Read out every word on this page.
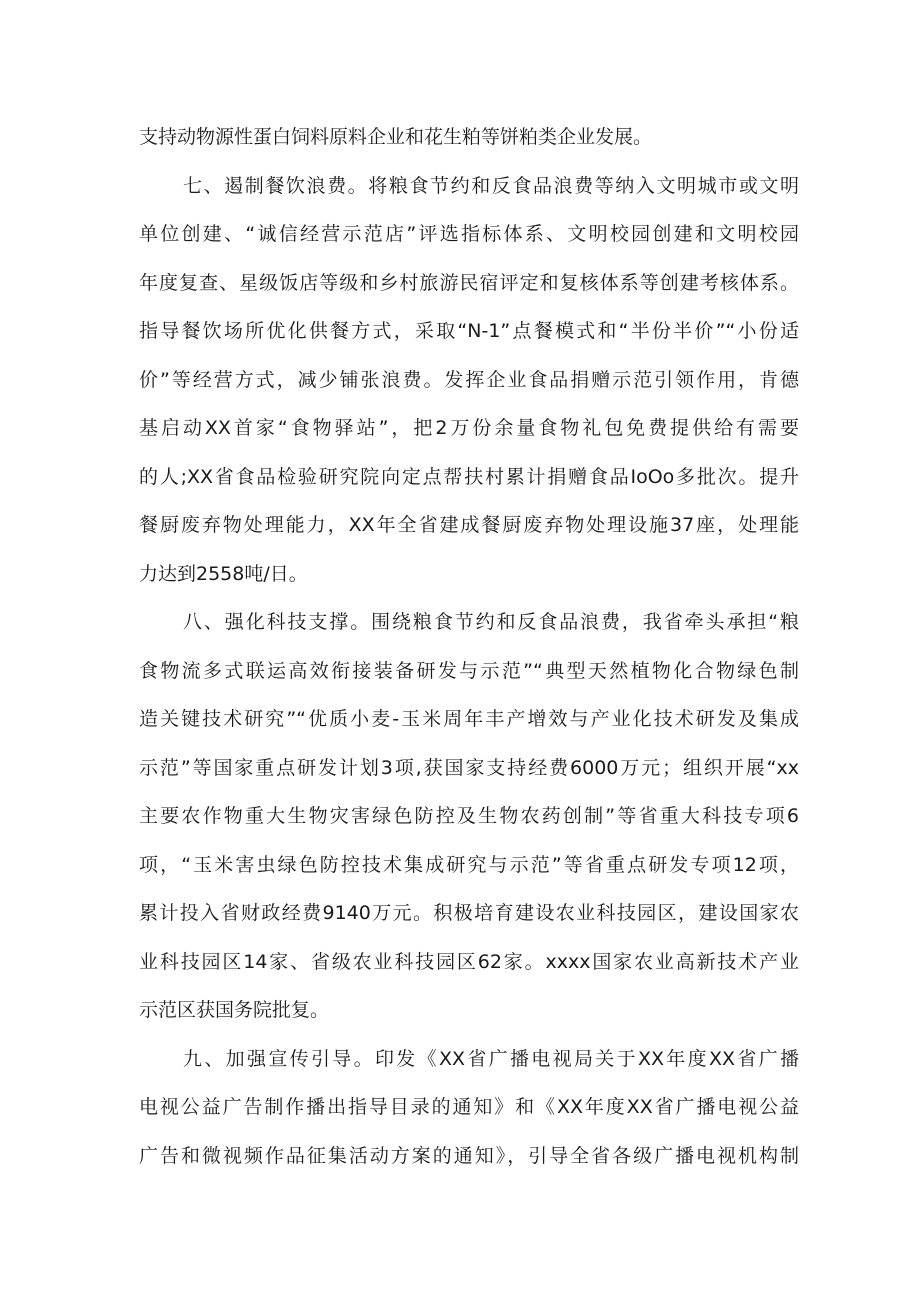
支持动物源性蛋白饲料原料企业和花生粕等饼粕类企业发展。
七、遏制餐饮浪费。将粮食节约和反食品浪费等纳入文明城市或文明
单位创建、“诚信经营示范店”评选指标体系、文明校园创建和文明校园
年度复查、星级饭店等级和乡村旅游民宿评定和复核体系等创建考核体系。
指导餐饮场所优化供餐方式，采取“N-1”点餐模式和“半份半价”“小份适
价”等经营方式，减少铺张浪费。发挥企业食品捐赠示范引领作用，肯德
基启动XX首家“食物驿站”，把2万份余量食物礼包免费提供给有需要
的人;XX省食品检验研究院向定点帮扶村累计捐赠食品IoOo多批次。提升
餐厨废弃物处理能力，XX年全省建成餐厨废弃物处理设施37座，处理能
力达到2558吨/日。
八、强化科技支撑。围绕粮食节约和反食品浪费，我省牵头承担“粮
食物流多式联运高效衔接装备研发与示范”“典型天然植物化合物绿色制
造关键技术研究”“优质小麦-玉米周年丰产增效与产业化技术研发及集成
示范”等国家重点研发计划3项,获国家支持经费6000万元；组织开展“xx
主要农作物重大生物灾害绿色防控及生物农药创制”等省重大科技专项6
项，“玉米害虫绿色防控技术集成研究与示范”等省重点研发专项12项，
累计投入省财政经费9140万元。积极培育建设农业科技园区，建设国家农
业科技园区14家、省级农业科技园区62家。xxxx国家农业高新技术产业
示范区获国务院批复。
九、加强宣传引导。印发《XX省广播电视局关于XX年度XX省广播
电视公益广告制作播出指导目录的通知》和《XX年度XX省广播电视公益
广告和微视频作品征集活动方案的通知》，引导全省各级广播电视机构制
